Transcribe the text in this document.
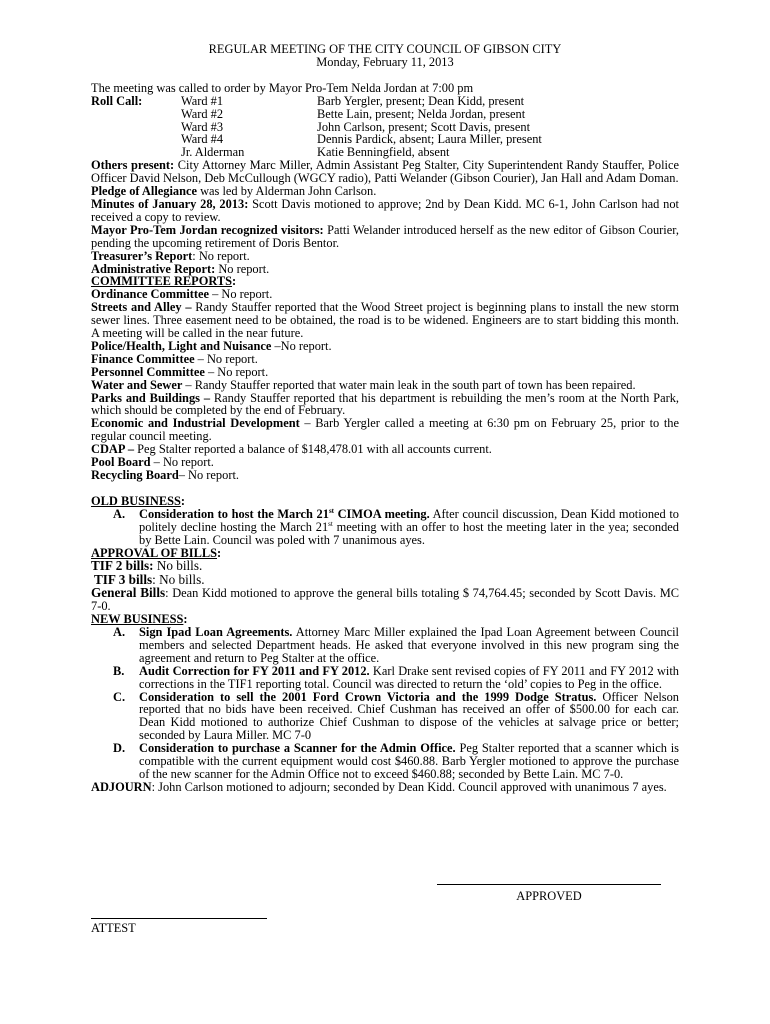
REGULAR MEETING OF THE CITY COUNCIL OF GIBSON CITY

Monday, February 11, 2013

The meeting was called to order by Mayor Pro-Tem Nelda Jordan at 7:00 pm

Roll Call:	Ward #1	Barb Yergler, present; Dean Kidd, present
Ward #2	Bette Lain, present; Nelda Jordan, present
Ward #3	John Carlson, present; Scott Davis, present
Ward #4	Dennis Pardick, absent; Laura Miller, present
Jr. Alderman	Katie Benningfield, absent

Others present: City Attorney Marc Miller, Admin Assistant Peg Stalter, City Superintendent Randy Stauffer, Police Officer David Nelson, Deb McCullough (WGCY radio), Patti Welander (Gibson Courier), Jan Hall and Adam Doman.

Pledge of Allegiance was led by Alderman John Carlson.

Minutes of January 28, 2013: Scott Davis motioned to approve; 2nd by Dean Kidd. MC 6-1, John Carlson had not received a copy to review.

Mayor Pro-Tem Jordan recognized visitors: Patti Welander introduced herself as the new editor of Gibson Courier, pending the upcoming retirement of Doris Bentor.

Treasurer’s Report: No report.

Administrative Report: No report.

COMMITTEE REPORTS:

Ordinance Committee – No report.

Streets and Alley – Randy Stauffer reported that the Wood Street project is beginning plans to install the new storm sewer lines. Three easement need to be obtained, the road is to be widened. Engineers are to start bidding this month. A meeting will be called in the near future.

Police/Health, Light and Nuisance –No report.

Finance Committee – No report.

Personnel Committee – No report.

Water and Sewer – Randy Stauffer reported that water main leak in the south part of town has been repaired.

Parks and Buildings – Randy Stauffer reported that his department is rebuilding the men’s room at the North Park, which should be completed by the end of February.

Economic and Industrial Development – Barb Yergler called a meeting at 6:30 pm on February 25, prior to the regular council meeting.

CDAP – Peg Stalter reported a balance of $148,478.01 with all accounts current.

Pool Board – No report.

Recycling Board– No report.

OLD BUSINESS:

A.	Consideration to host the March 21st CIMOA meeting. After council discussion, Dean Kidd motioned to politely decline hosting the March 21st meeting with an offer to host the meeting later in the yea; seconded by Bette Lain. Council was poled with 7 unanimous ayes.

APPROVAL OF BILLS:

TIF 2 bills: No bills.

TIF 3 bills: No bills.

General Bills: Dean Kidd motioned to approve the general bills totaling $ 74,764.45; seconded by Scott Davis. MC 7-0.

NEW BUSINESS:

A.	Sign Ipad Loan Agreements. Attorney Marc Miller explained the Ipad Loan Agreement between Council members and selected Department heads. He asked that everyone involved in this new program sing the agreement and return to Peg Stalter at the office.
B.	Audit Correction for FY 2011 and FY 2012. Karl Drake sent revised copies of FY 2011 and FY 2012 with corrections in the TIF1 reporting total. Council was directed to return the ‘old’ copies to Peg in the office.
C.	Consideration to sell the 2001 Ford Crown Victoria and the 1999 Dodge Stratus. Officer Nelson reported that no bids have been received. Chief Cushman has received an offer of $500.00 for each car. Dean Kidd motioned to authorize Chief Cushman to dispose of the vehicles at salvage price or better; seconded by Laura Miller. MC 7-0
D.	Consideration to purchase a Scanner for the Admin Office. Peg Stalter reported that a scanner which is compatible with the current equipment would cost $460.88. Barb Yergler motioned to approve the purchase of the new scanner for the Admin Office not to exceed $460.88; seconded by Bette Lain. MC 7-0.

ADJOURN: John Carlson motioned to adjourn; seconded by Dean Kidd. Council approved with unanimous 7 ayes.

APPROVED
ATTEST
